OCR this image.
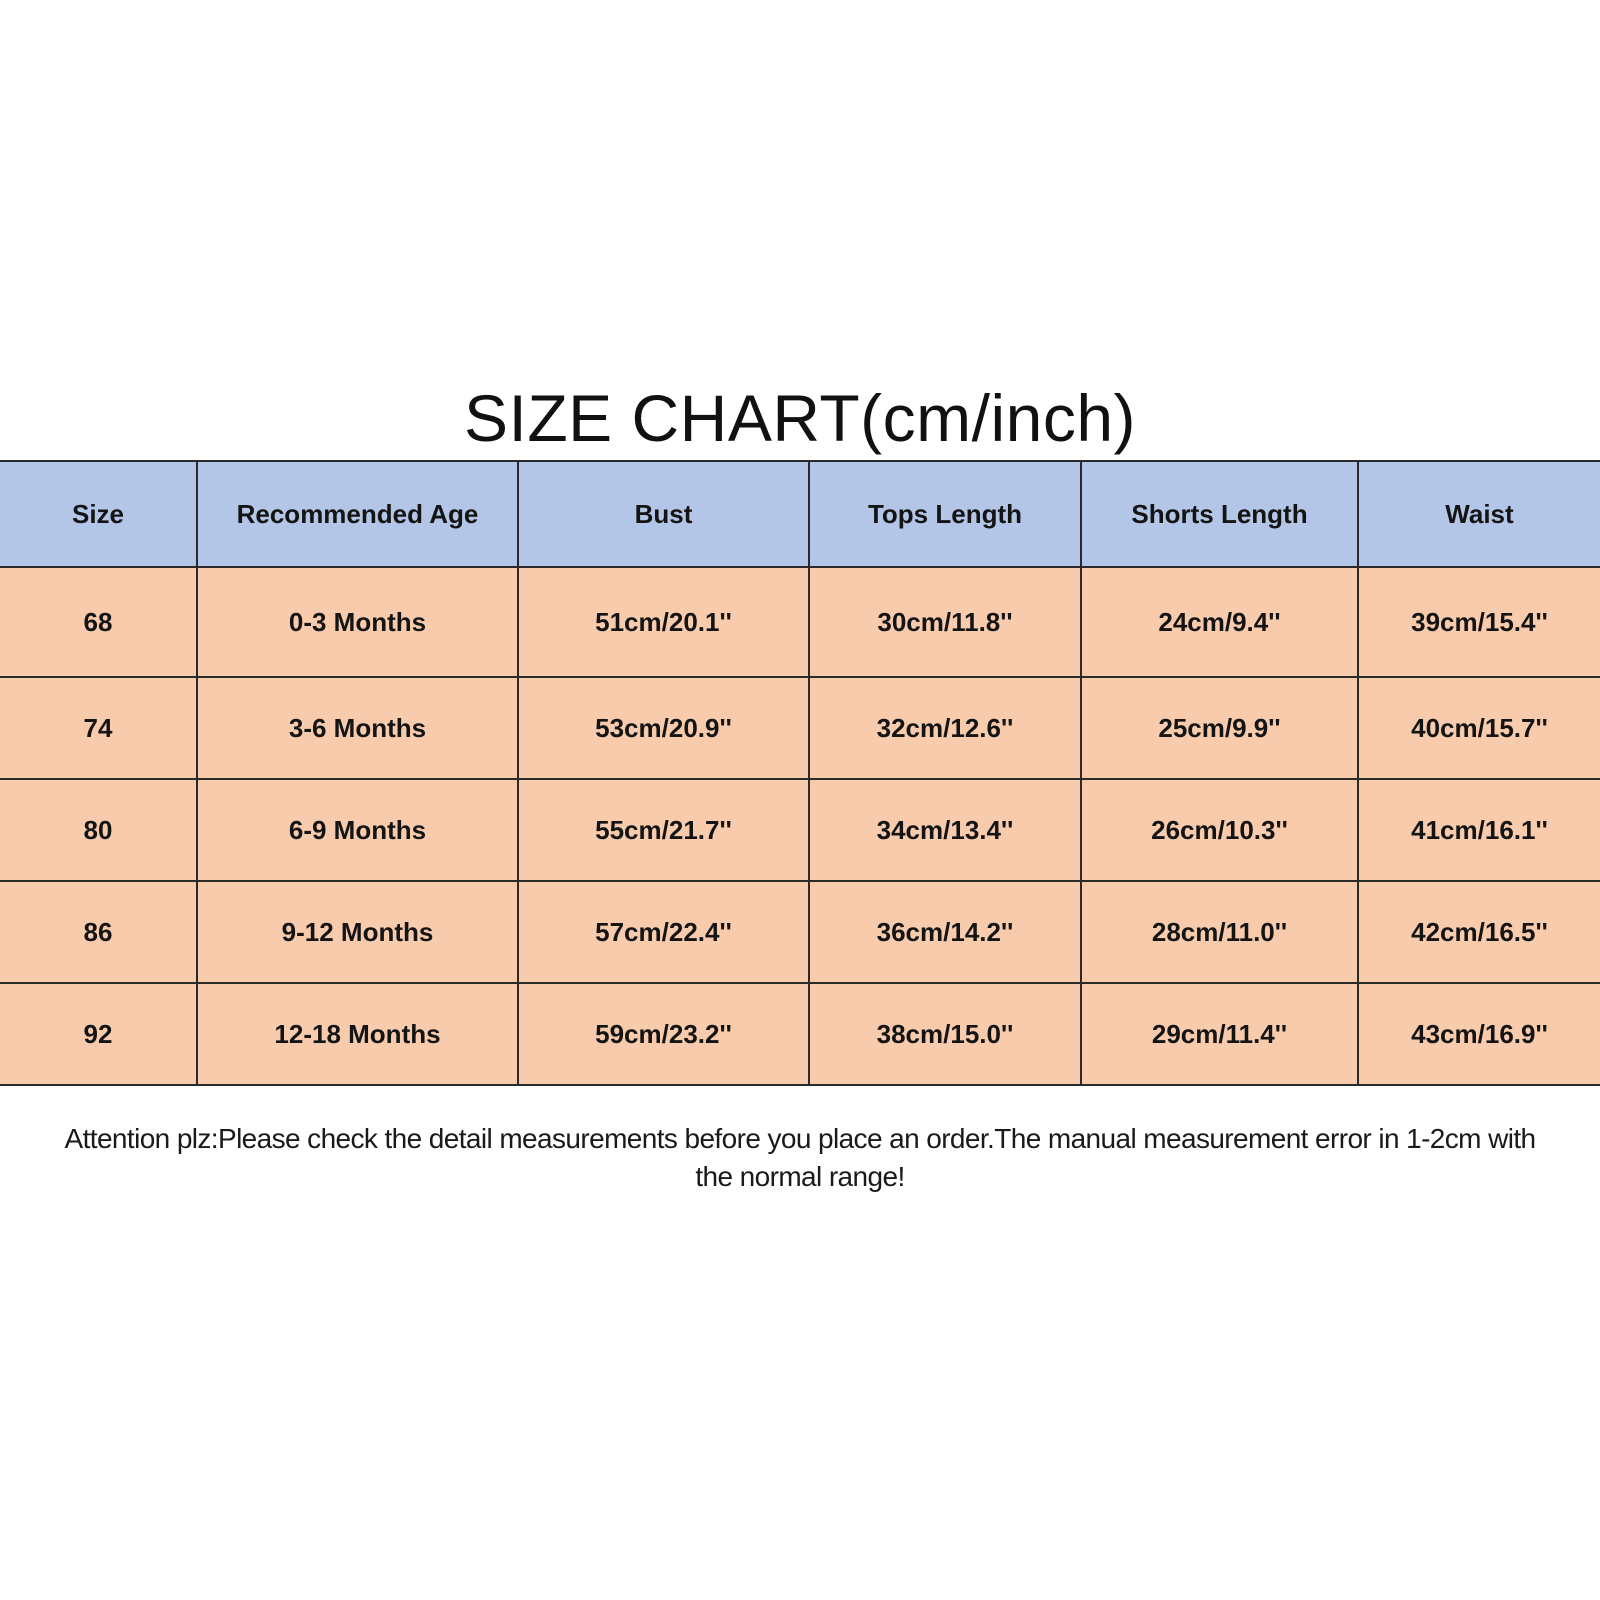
SIZE CHART(cm/inch)
Size	Recommended Age	Bust	Tops Length	Shorts Length	Waist
68	0-3 Months	51cm/20.1''	30cm/11.8''	24cm/9.4''	39cm/15.4''
74	3-6 Months	53cm/20.9''	32cm/12.6''	25cm/9.9''	40cm/15.7''
80	6-9 Months	55cm/21.7''	34cm/13.4''	26cm/10.3''	41cm/16.1''
86	9-12 Months	57cm/22.4''	36cm/14.2''	28cm/11.0''	42cm/16.5''
92	12-18 Months	59cm/23.2''	38cm/15.0''	29cm/11.4''	43cm/16.9''
Attention plz:Please check the detail measurements before you place an order.The manual measurement error in 1-2cm with
the normal range!
